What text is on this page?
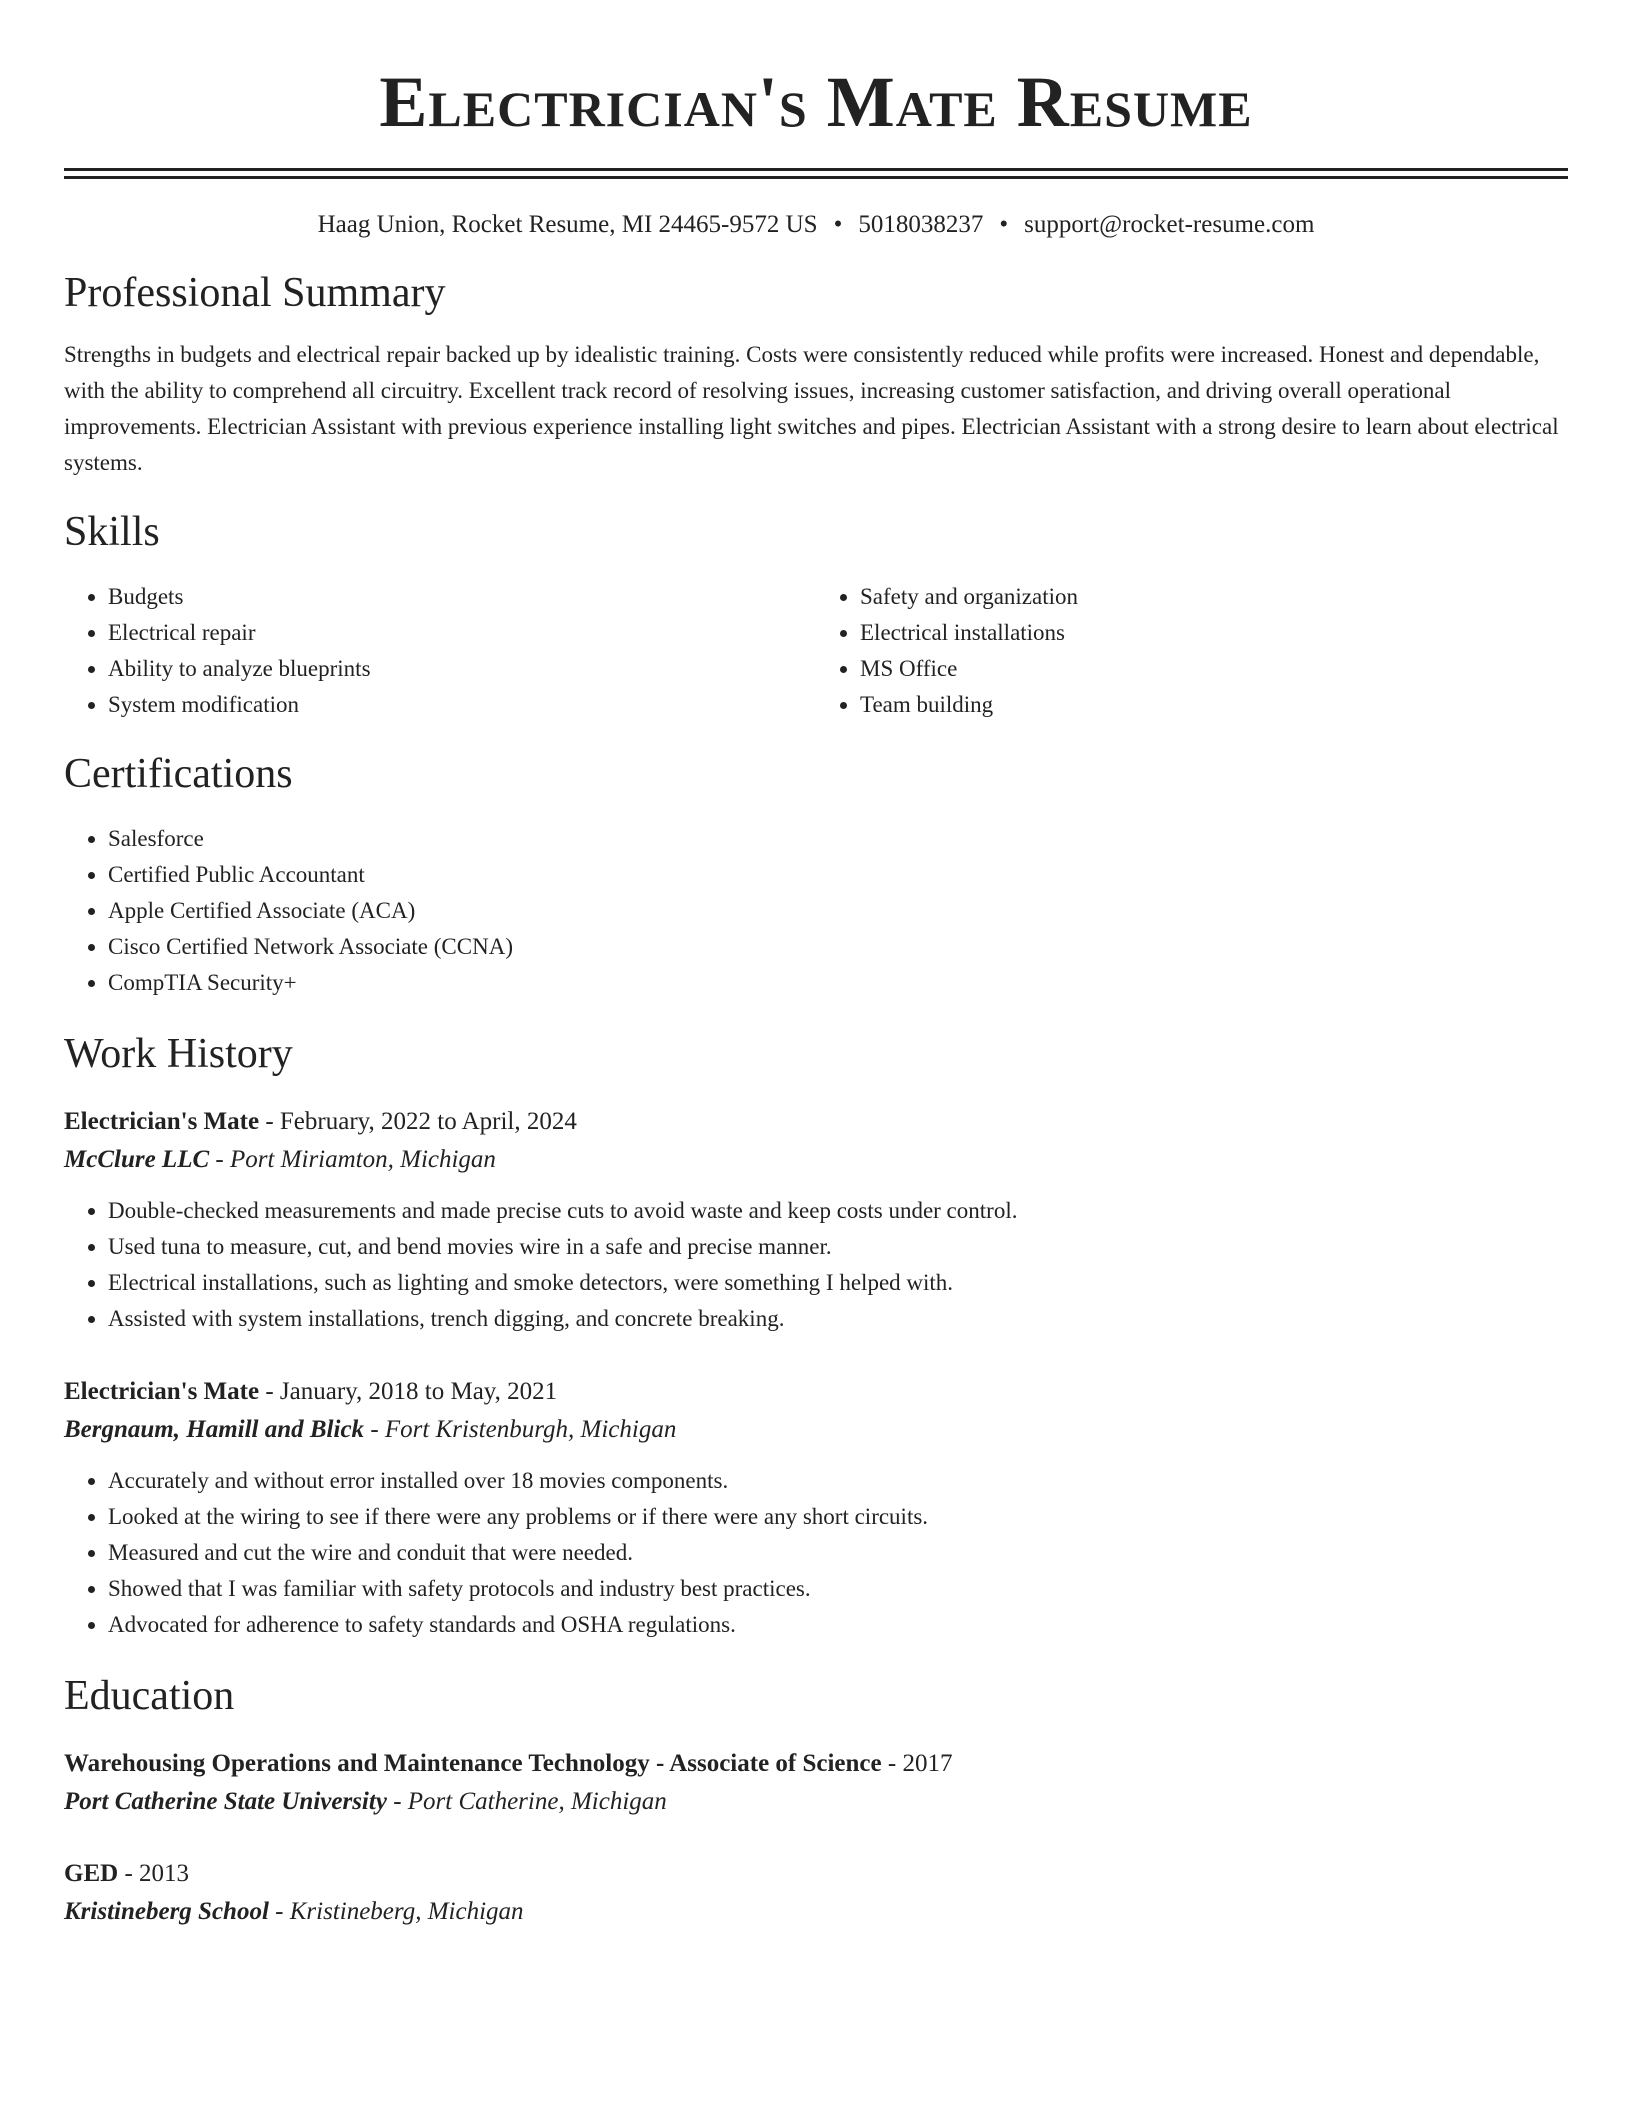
Electrician's Mate Resume
Haag Union, Rocket Resume, MI 24465-9572 US • 5018038237 • support@rocket-resume.com
Professional Summary

Strengths in budgets and electrical repair backed up by idealistic training. Costs were consistently reduced while profits were increased. Honest and dependable, with the ability to comprehend all circuitry. Excellent track record of resolving issues, increasing customer satisfaction, and driving overall operational improvements. Electrician Assistant with previous experience installing light switches and pipes. Electrician Assistant with a strong desire to learn about electrical systems.

Skills
• Budgets
• Electrical repair
• Ability to analyze blueprints
• System modification
• Safety and organization
• Electrical installations
• MS Office
• Team building
Certifications
• Salesforce
• Certified Public Accountant
• Apple Certified Associate (ACA)
• Cisco Certified Network Associate (CCNA)
• CompTIA Security+
Work History
Electrician's Mate - February, 2022 to April, 2024
McClure LLC - Port Miriamton, Michigan
• Double-checked measurements and made precise cuts to avoid waste and keep costs under control.
• Used tuna to measure, cut, and bend movies wire in a safe and precise manner.
• Electrical installations, such as lighting and smoke detectors, were something I helped with.
• Assisted with system installations, trench digging, and concrete breaking.
Electrician's Mate - January, 2018 to May, 2021
Bergnaum, Hamill and Blick - Fort Kristenburgh, Michigan
• Accurately and without error installed over 18 movies components.
• Looked at the wiring to see if there were any problems or if there were any short circuits.
• Measured and cut the wire and conduit that were needed.
• Showed that I was familiar with safety protocols and industry best practices.
• Advocated for adherence to safety standards and OSHA regulations.
Education
Warehousing Operations and Maintenance Technology - Associate of Science - 2017
Port Catherine State University - Port Catherine, Michigan
GED - 2013
Kristineberg School - Kristineberg, Michigan
